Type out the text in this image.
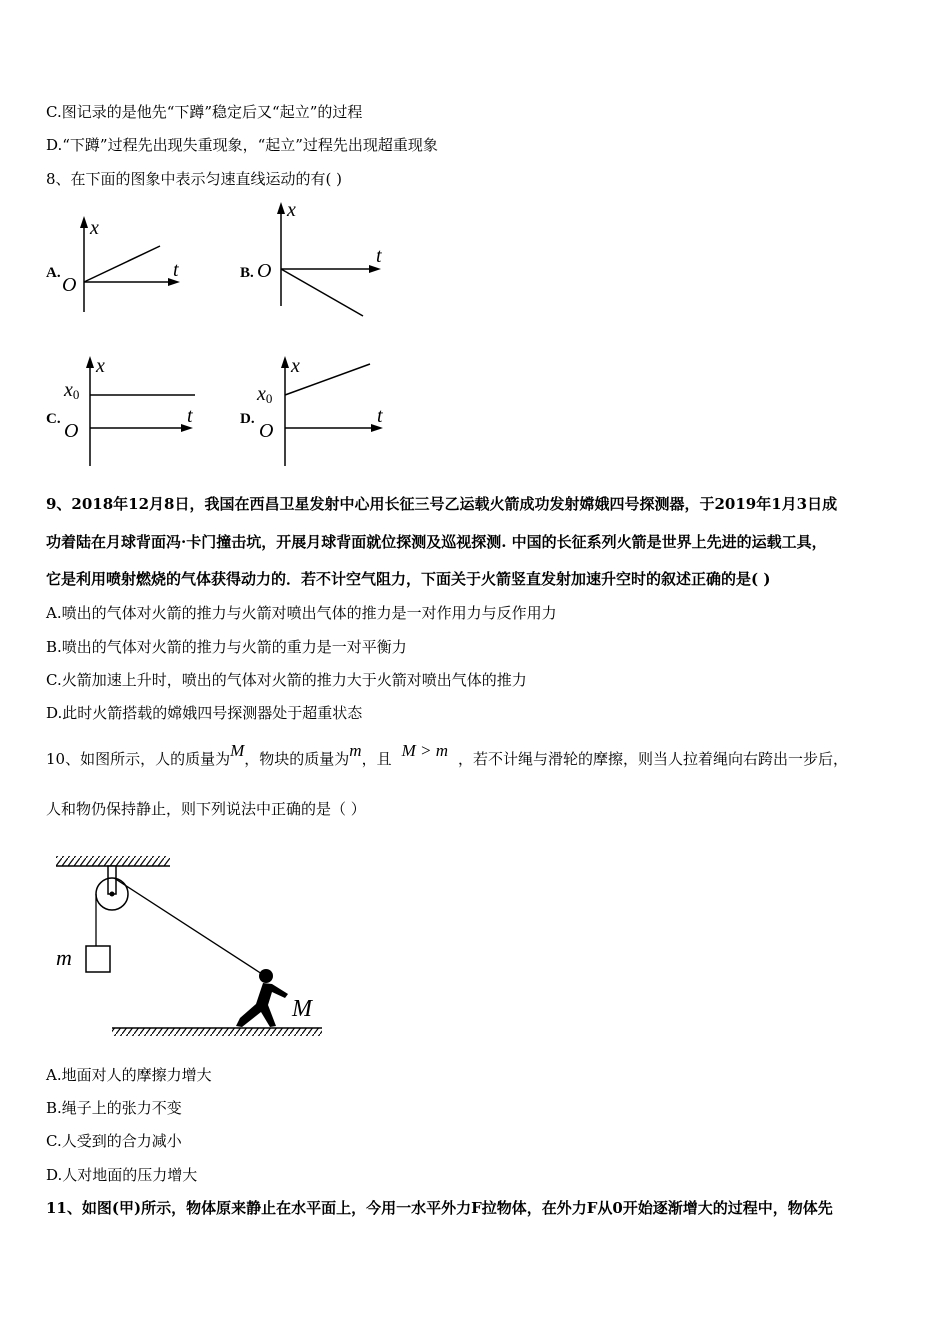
C.图记录的是他先“下蹲”稳定后又“起立”的过程
D.“下蹲”过程先出现失重现象，“起立”过程先出现超重现象
8、在下面的图象中表示匀速直线运动的有( )
A.
x
t
O
B.
x
t
O
C.
x
t
O
x0
D.
x
t
O
x0
9、2018年12月8日，我国在西昌卫星发射中心用长征三号乙运载火箭成功发射嫦娥四号探测器，于2019年1月3日成
功着陆在月球背面冯·卡门撞击坑，开展月球背面就位探测及巡视探测. 中国的长征系列火箭是世界上先进的运载工具，
它是利用喷射燃烧的气体获得动力的．若不计空气阻力，下面关于火箭竖直发射加速升空时的叙述正确的是( )
A.喷出的气体对火箭的推力与火箭对喷出气体的推力是一对作用力与反作用力
B.喷出的气体对火箭的推力与火箭的重力是一对平衡力
C.火箭加速上升时，喷出的气体对火箭的推力大于火箭对喷出气体的推力
D.此时火箭搭载的嫦娥四号探测器处于超重状态
10、如图所示，人的质量为M，物块的质量为m，且 M > m ，若不计绳与滑轮的摩擦，则当人拉着绳向右跨出一步后，
人和物仍保持静止，则下列说法中正确的是（ ）
m
M
A.地面对人的摩擦力增大
B.绳子上的张力不变
C.人受到的合力减小
D.人对地面的压力增大
11、如图(甲)所示，物体原来静止在水平面上，今用一水平外力F拉物体，在外力F从0开始逐渐增大的过程中，物体先
